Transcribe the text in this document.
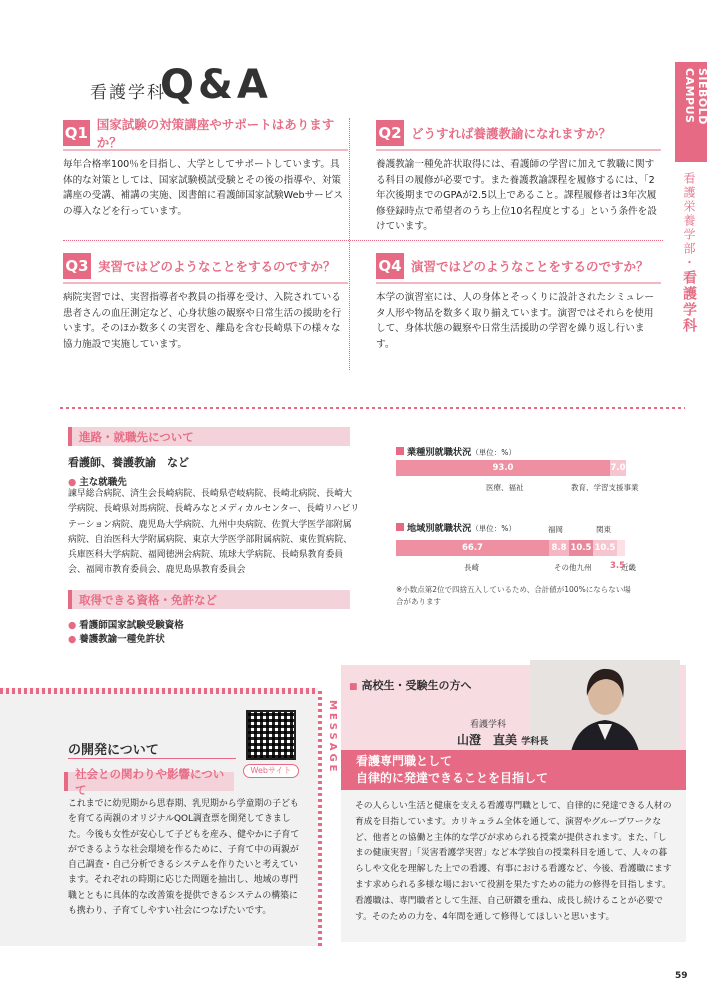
看護学科
Q&A	SIEBOLD CAMPUS
看護栄養学部・看護学科
Q1 国家試験の対策講座やサポートはありますか？
毎年合格率100％を目指し、大学としてサポートしています。具体的な対策としては、国家試験模試受験とその後の指導や、対策講座の受講、補講の実施、図書館に看護師国家試験Webサービスの導入などを行っています。
Q2 どうすれば養護教諭になれますか？
養護教諭一種免許状取得には、看護師の学習に加えて教職に関する科目の履修が必要です。また養護教諭課程を履修するには、「2年次後期までのGPAが2.5以上であること。課程履修者は3年次履修登録時点で希望者のうち上位10名程度とする」という条件を設けています。
Q3 実習ではどのようなことをするのですか？
病院実習では、実習指導者や教員の指導を受け、入院されている患者さんの血圧測定など、心身状態の観察や日常生活の援助を行います。そのほか数多くの実習を、離島を含む長崎県下の様々な協力施設で実施しています。
Q4 演習ではどのようなことをするのですか？
本学の演習室には、人の身体とそっくりに設計されたシミュレータ人形や物品を数多く取り揃えています。演習ではそれらを使用して、身体状態の観察や日常生活援助の学習を繰り返し行います。
進路・就職先について
看護師、養護教諭　など
● 主な就職先
諫早総合病院、済生会長崎病院、長崎県壱岐病院、長崎北病院、長崎大学病院、長崎県対馬病院、長崎みなとメディカルセンター、長崎リハビリテーション病院、鹿児島大学病院、九州中央病院、佐賀大学医学部附属病院、自治医科大学附属病院、東京大学医学部附属病院、東佐賀病院、兵庫医科大学病院、福岡徳洲会病院、琉球大学病院、長崎県教育委員会、福岡市教育委員会、鹿児島県教育委員会
取得できる資格・免許など
● 看護師国家試験受験資格
● 養護教諭一種免許状
業種別就職状況（単位：%）
93.0	7.0
医療、福祉	教育、学習支援事業
地域別就職状況（単位：%）
66.7	8.8 10.5 10.5
長崎
福岡
その他九州
関東
近畿
3.5
※小数点第2位で四捨五入しているため、合計値が100%にならない場合があります
の開発について
Webサイト
社会との関わりや影響について
これまでに幼児期から思春期、乳児期から学童期の子どもを育てる両親のオリジナルQOL調査票を開発してきました。今後も女性が安心して子どもを産み、健やかに子育てができるような社会環境を作るために、子育て中の両親が自己調査・自己分析できるシステムを作りたいと考えています。それぞれの時期に応じた問題を抽出し、地域の専門職とともに具体的な改善策を提供できるシステムの構築にも携わり、子育てしやすい社会につなげたいです。
MESSAGE
■ 高校生・受験生の方へ
看護学科
山澄　直美 学科長
看護専門職として
自律的に発達できることを目指して
その人らしい生活と健康を支える看護専門職として、自律的に発達できる人材の育成を目指しています。カリキュラム全体を通して、演習やグループワークなど、他者との協働と主体的な学びが求められる授業が提供されます。また、「しまの健康実習」「災害看護学実習」など本学独自の授業科目を通して、人々の暮らしや文化を理解した上での看護、有事における看護など、今後、看護職にますます求められる多様な場において役割を果たすための能力の修得を目指します。看護職は、専門職者として生涯、自己研鑽を重ね、成長し続けることが必要です。そのための力を、4年間を通して修得してほしいと思います。
59
